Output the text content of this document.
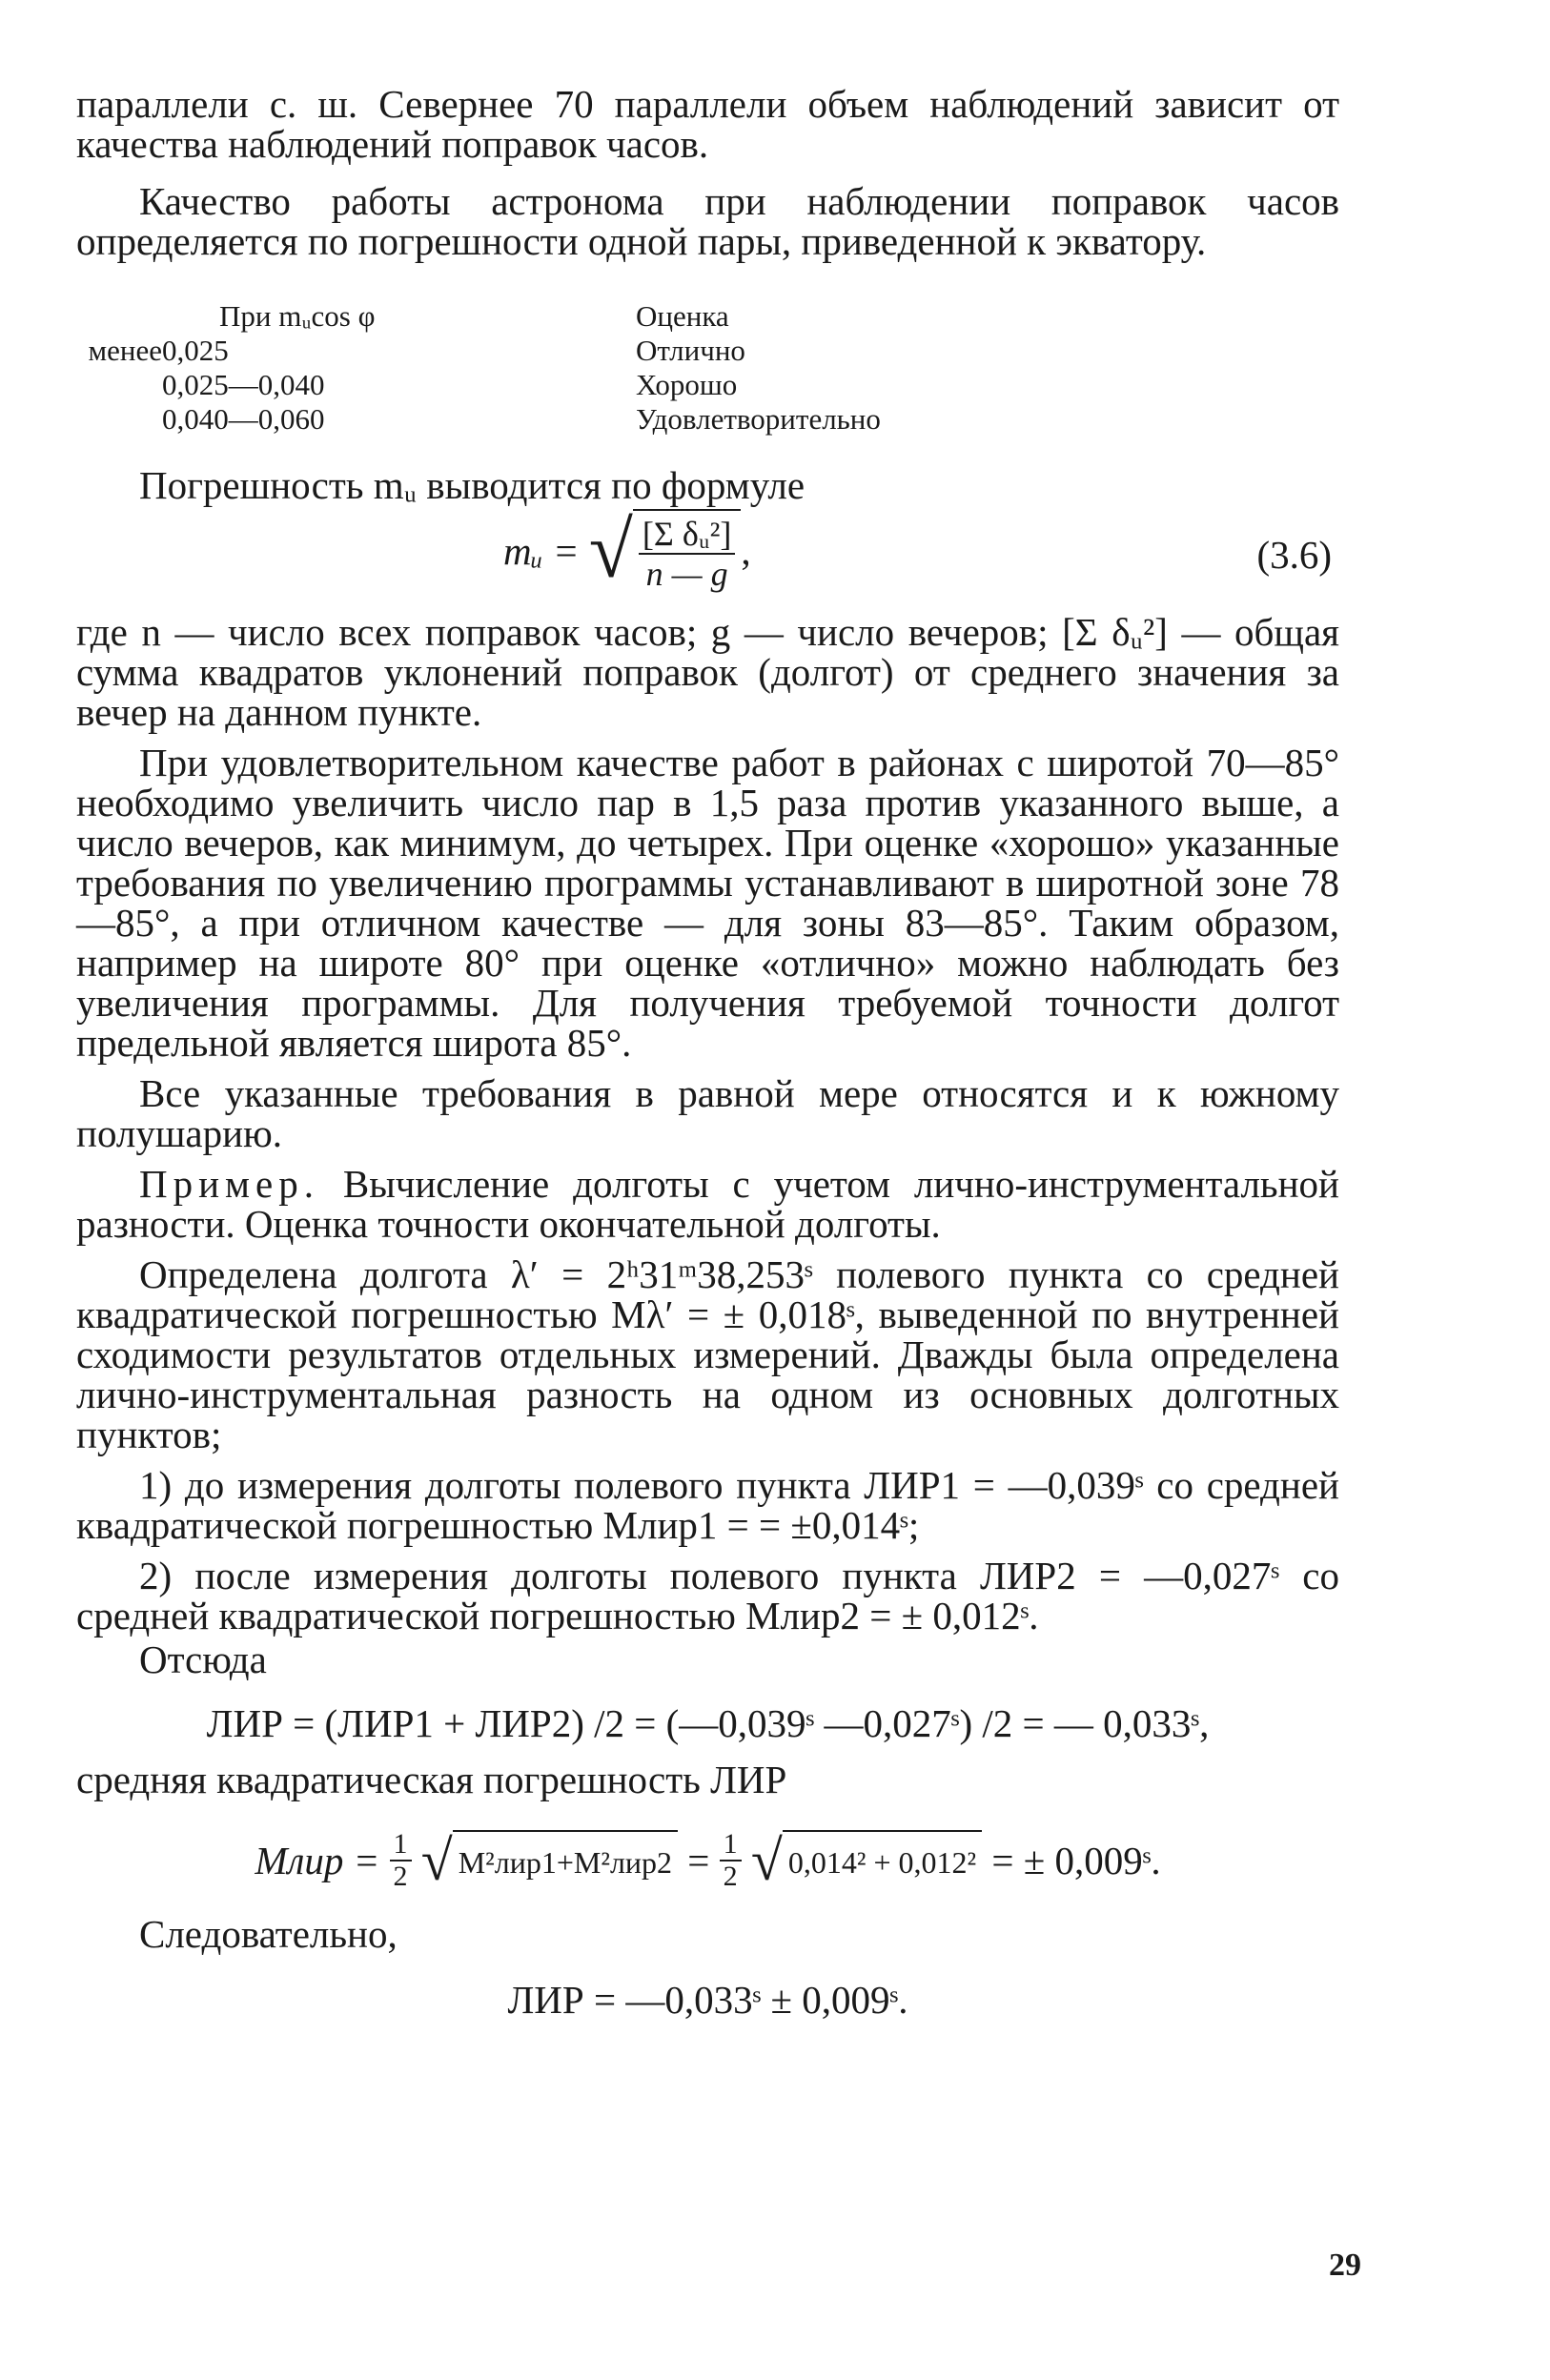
параллели с. ш. Севернее 70 параллели объем наблюдений зависит от качества наблюдений поправок часов.

Качество работы астронома при наблюдении поправок часов определяется по погрешности одной пары, приведенной к экватору.

	При mᵤcos φ	Оценка
менее	0,025	Отлично
	0,025—0,040	Хорошо
	0,040—0,060	Удовлетворительно

Погрешность mᵤ выводится по формуле

mᵤ = √ $\frac{\text{[Σ δᵤ²]}}{n — g}$ ,	(3.6)

где n — число всех поправок часов; g — число вечеров; [Σ δᵤ²] — общая сумма квадратов уклонений поправок (долгот) от среднего значения за вечер на данном пункте.

При удовлетворительном качестве работ в районах с широтой 70—85° необходимо увеличить число пар в 1,5 раза против указанного выше, а число вечеров, как минимум, до четырех. При оценке «хорошо» указанные требования по увеличению программы устанавливают в широтной зоне 78—85°, а при отличном качестве — для зоны 83—85°. Таким образом, например на широте 80° при оценке «отлично» можно наблюдать без увеличения программы. Для получения требуемой точности долгот предельной является широта 85°.

Все указанные требования в равной мере относятся и к южному полушарию.

Пример. Вычисление долготы с учетом лично-инструментальной разности. Оценка точности окончательной долготы.

Определена долгота λ′ = 2ʰ31ᵐ38,253ˢ полевого пункта со средней квадратической погрешностью Mλ′ = ± 0,018ˢ, выведенной по внутренней сходимости результатов отдельных измерений. Дважды была определена лично-инструментальная разность на одном из основных долготных пунктов;

1) до измерения долготы полевого пункта ЛИР1 = —0,039ˢ со средней квадратической погрешностью Mлир1 = = ±0,014ˢ;

2) после измерения долготы полевого пункта ЛИР2 = —0,027ˢ со средней квадратической погрешностью Mлир2 = ± 0,012ˢ.

Отсюда

ЛИР = (ЛИР1 + ЛИР2) /2 = (—0,039ˢ —0,027ˢ) /2 = — 0,033ˢ,

средняя квадратическая погрешность ЛИР

Mлир = $\frac{1}{2}$ √ $M^2лир1+M^2лир2 = \frac{1}{2}$ √ 0,014² + 0,012² = ± 0,009ˢ.

Следовательно,

ЛИР = —0,033ˢ ± 0,009ˢ.
29
